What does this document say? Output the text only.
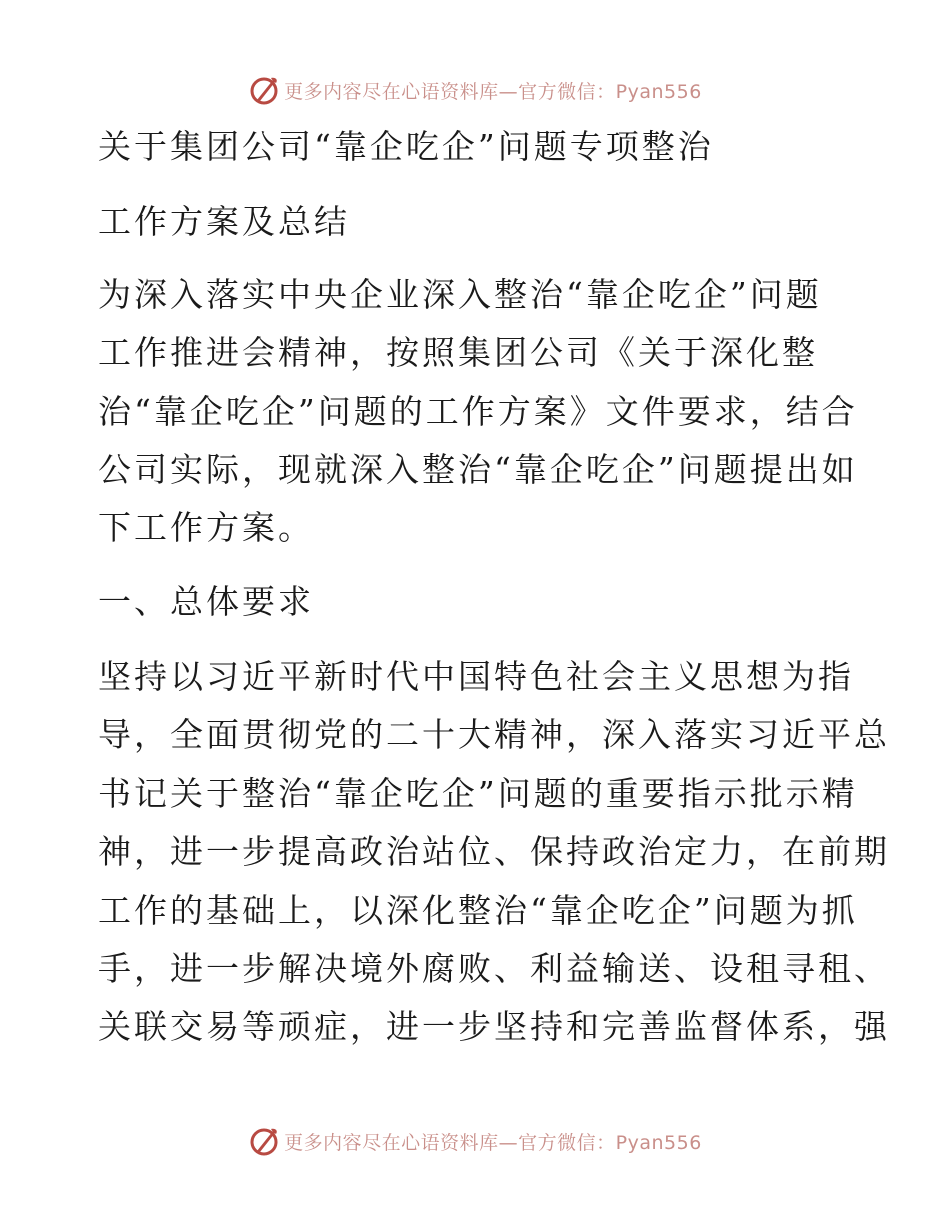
更多内容尽在心语资料库—官方微信：Pyan556
关于集团公司“靠企吃企”问题专项整治
工作方案及总结
为深入落实中央企业深入整治“靠企吃企”问题
工作推进会精神，按照集团公司《关于深化整
治“靠企吃企”问题的工作方案》文件要求，结合
公司实际，现就深入整治“靠企吃企”问题提出如
下工作方案。
一、总体要求
坚持以习近平新时代中国特色社会主义思想为指
导，全面贯彻党的二十大精神，深入落实习近平总
书记关于整治“靠企吃企”问题的重要指示批示精
神，进一步提高政治站位、保持政治定力，在前期
工作的基础上，以深化整治“靠企吃企”问题为抓
手，进一步解决境外腐败、利益输送、设租寻租、
关联交易等顽症，进一步坚持和完善监督体系，强
更多内容尽在心语资料库—官方微信：Pyan556
